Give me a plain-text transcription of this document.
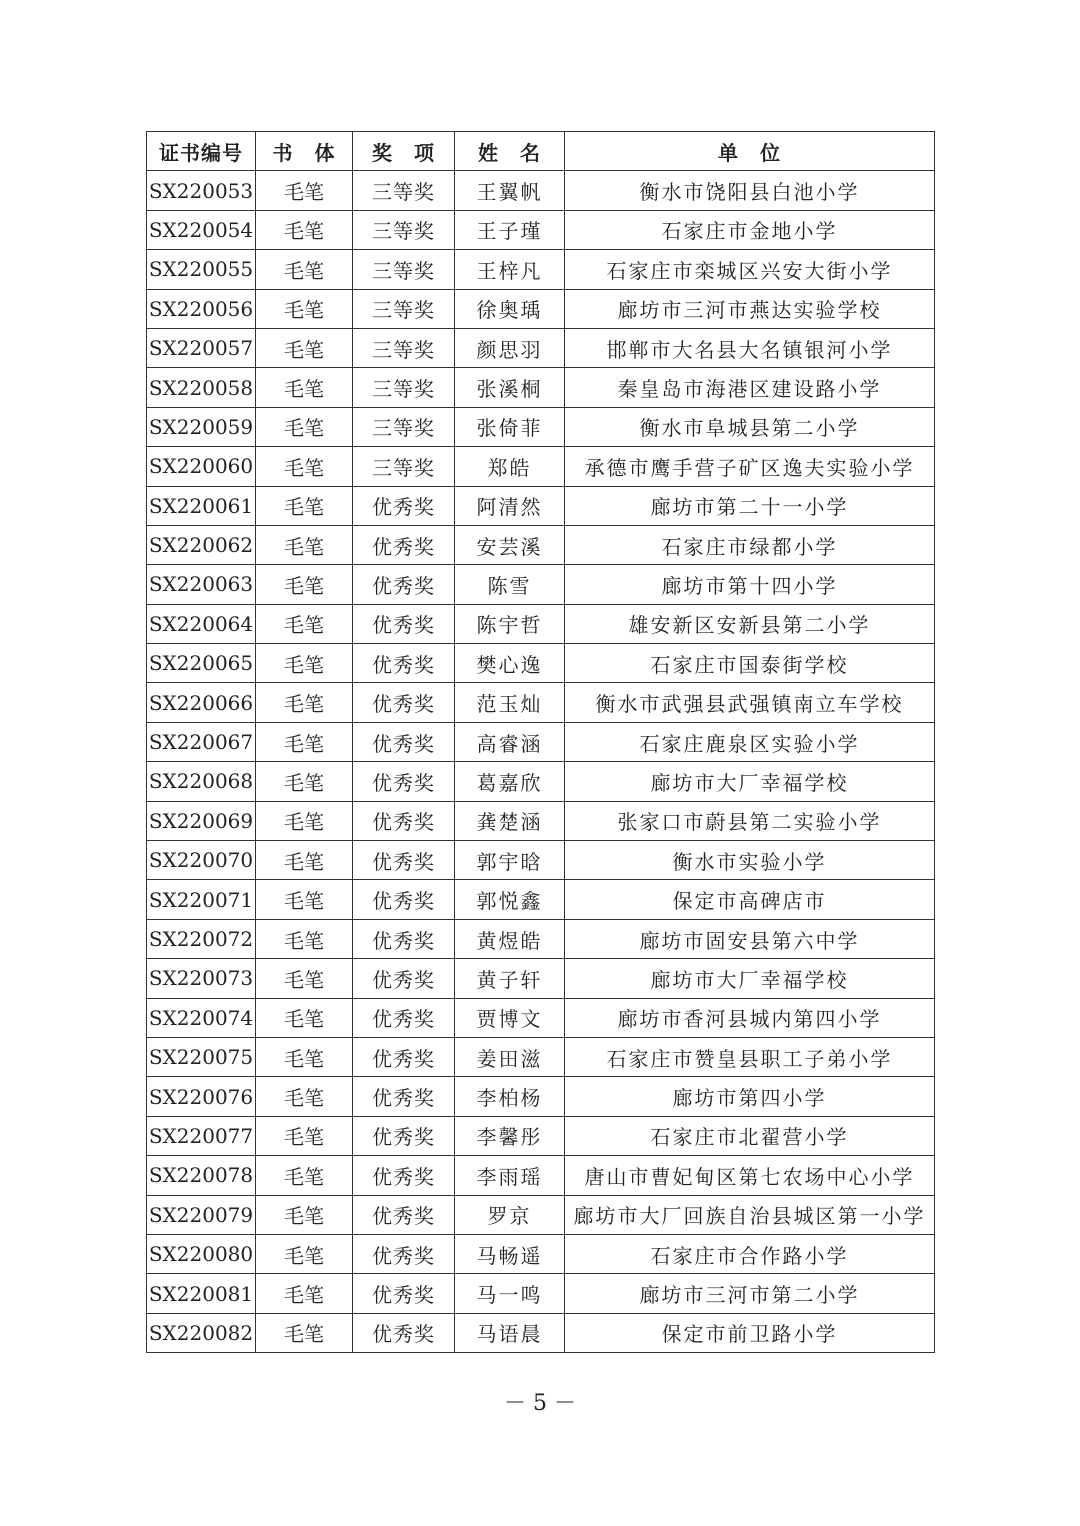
证书编号	书　体	奖　项	姓　名	单　位
SX220053	毛笔	三等奖	王翼帆	衡水市饶阳县白池小学
SX220054	毛笔	三等奖	王子瑾	石家庄市金地小学
SX220055	毛笔	三等奖	王梓凡	石家庄市栾城区兴安大街小学
SX220056	毛笔	三等奖	徐奥瑀	廊坊市三河市燕达实验学校
SX220057	毛笔	三等奖	颜思羽	邯郸市大名县大名镇银河小学
SX220058	毛笔	三等奖	张溪桐	秦皇岛市海港区建设路小学
SX220059	毛笔	三等奖	张倚菲	衡水市阜城县第二小学
SX220060	毛笔	三等奖	郑皓	承德市鹰手营子矿区逸夫实验小学
SX220061	毛笔	优秀奖	阿清然	廊坊市第二十一小学
SX220062	毛笔	优秀奖	安芸溪	石家庄市绿都小学
SX220063	毛笔	优秀奖	陈雪	廊坊市第十四小学
SX220064	毛笔	优秀奖	陈宇哲	雄安新区安新县第二小学
SX220065	毛笔	优秀奖	樊心逸	石家庄市国泰街学校
SX220066	毛笔	优秀奖	范玉灿	衡水市武强县武强镇南立车学校
SX220067	毛笔	优秀奖	高睿涵	石家庄鹿泉区实验小学
SX220068	毛笔	优秀奖	葛嘉欣	廊坊市大厂幸福学校
SX220069	毛笔	优秀奖	龚楚涵	张家口市蔚县第二实验小学
SX220070	毛笔	优秀奖	郭宇晗	衡水市实验小学
SX220071	毛笔	优秀奖	郭悦鑫	保定市高碑店市
SX220072	毛笔	优秀奖	黄煜皓	廊坊市固安县第六中学
SX220073	毛笔	优秀奖	黄子轩	廊坊市大厂幸福学校
SX220074	毛笔	优秀奖	贾博文	廊坊市香河县城内第四小学
SX220075	毛笔	优秀奖	姜田滋	石家庄市赞皇县职工子弟小学
SX220076	毛笔	优秀奖	李柏杨	廊坊市第四小学
SX220077	毛笔	优秀奖	李馨彤	石家庄市北翟营小学
SX220078	毛笔	优秀奖	李雨瑶	唐山市曹妃甸区第七农场中心小学
SX220079	毛笔	优秀奖	罗京	廊坊市大厂回族自治县城区第一小学
SX220080	毛笔	优秀奖	马畅遥	石家庄市合作路小学
SX220081	毛笔	优秀奖	马一鸣	廊坊市三河市第二小学
SX220082	毛笔	优秀奖	马语晨	保定市前卫路小学
－ 5 －
